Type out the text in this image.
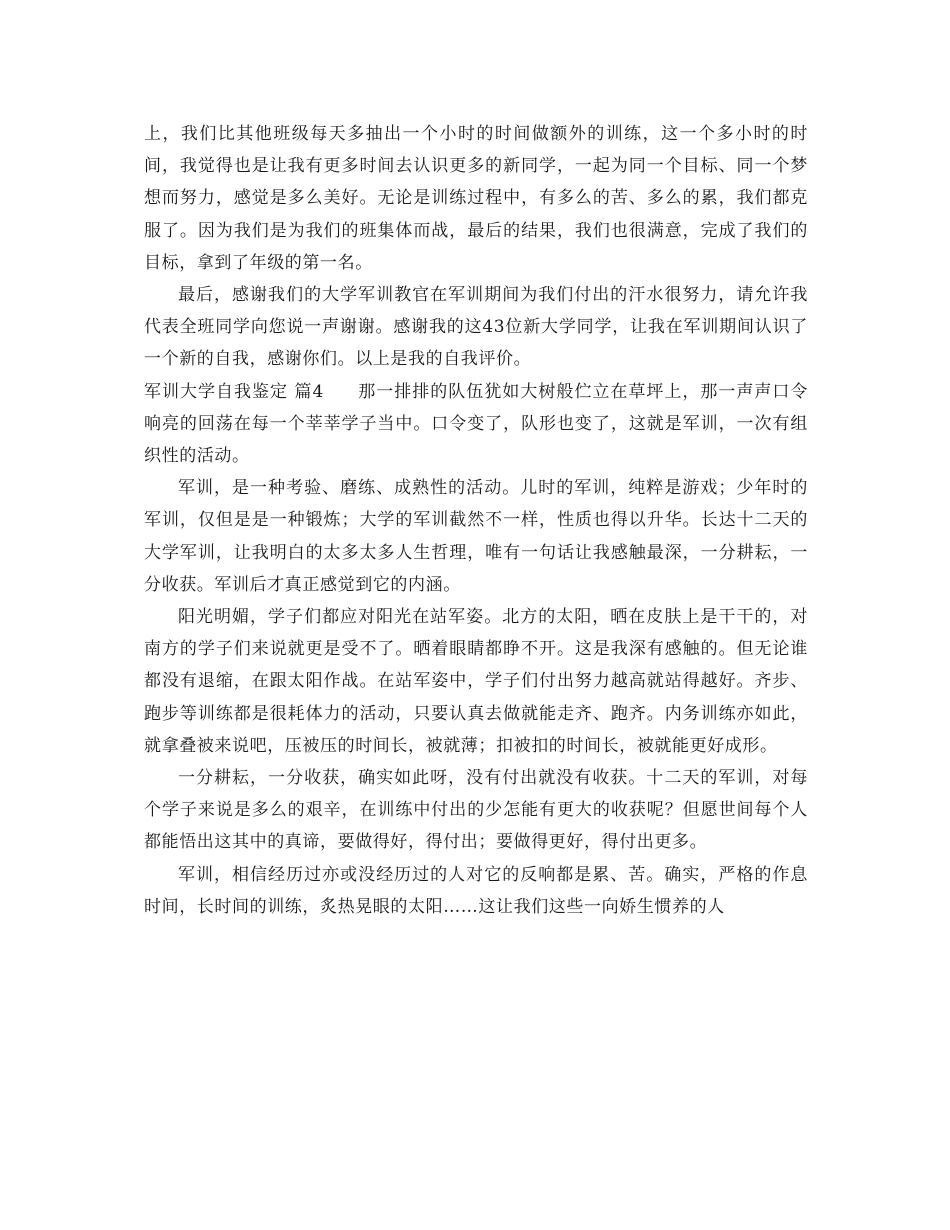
上，我们比其他班级每天多抽出一个小时的时间做额外的训练，这一个多小时的时间，我觉得也是让我有更多时间去认识更多的新同学，一起为同一个目标、同一个梦想而努力，感觉是多么美好。无论是训练过程中，有多么的苦、多么的累，我们都克服了。因为我们是为我们的班集体而战，最后的结果，我们也很满意，完成了我们的目标，拿到了年级的第一名。

最后，感谢我们的大学军训教官在军训期间为我们付出的汗水很努力，请允许我代表全班同学向您说一声谢谢。感谢我的这43位新大学同学，让我在军训期间认识了一个新的自我，感谢你们。以上是我的自我评价。

军训大学自我鉴定 篇4 那一排排的队伍犹如大树般伫立在草坪上，那一声声口令响亮的回荡在每一个莘莘学子当中。口令变了，队形也变了，这就是军训，一次有组织性的活动。

军训，是一种考验、磨练、成熟性的活动。儿时的军训，纯粹是游戏；少年时的军训，仅但是是一种锻炼；大学的军训截然不一样，性质也得以升华。长达十二天的大学军训，让我明白的太多太多人生哲理，唯有一句话让我感触最深，一分耕耘，一分收获。军训后才真正感觉到它的内涵。

阳光明媚，学子们都应对阳光在站军姿。北方的太阳，晒在皮肤上是干干的，对南方的学子们来说就更是受不了。晒着眼睛都睁不开。这是我深有感触的。但无论谁都没有退缩，在跟太阳作战。在站军姿中，学子们付出努力越高就站得越好。齐步、跑步等训练都是很耗体力的活动，只要认真去做就能走齐、跑齐。内务训练亦如此，就拿叠被来说吧，压被压的时间长，被就薄；扣被扣的时间长，被就能更好成形。

一分耕耘，一分收获，确实如此呀，没有付出就没有收获。十二天的军训，对每个学子来说是多么的艰辛，在训练中付出的少怎能有更大的收获呢？但愿世间每个人都能悟出这其中的真谛，要做得好，得付出；要做得更好，得付出更多。

军训，相信经历过亦或没经历过的人对它的反响都是累、苦。确实，严格的作息时间，长时间的训练，炙热晃眼的太阳……这让我们这些一向娇生惯养的人
